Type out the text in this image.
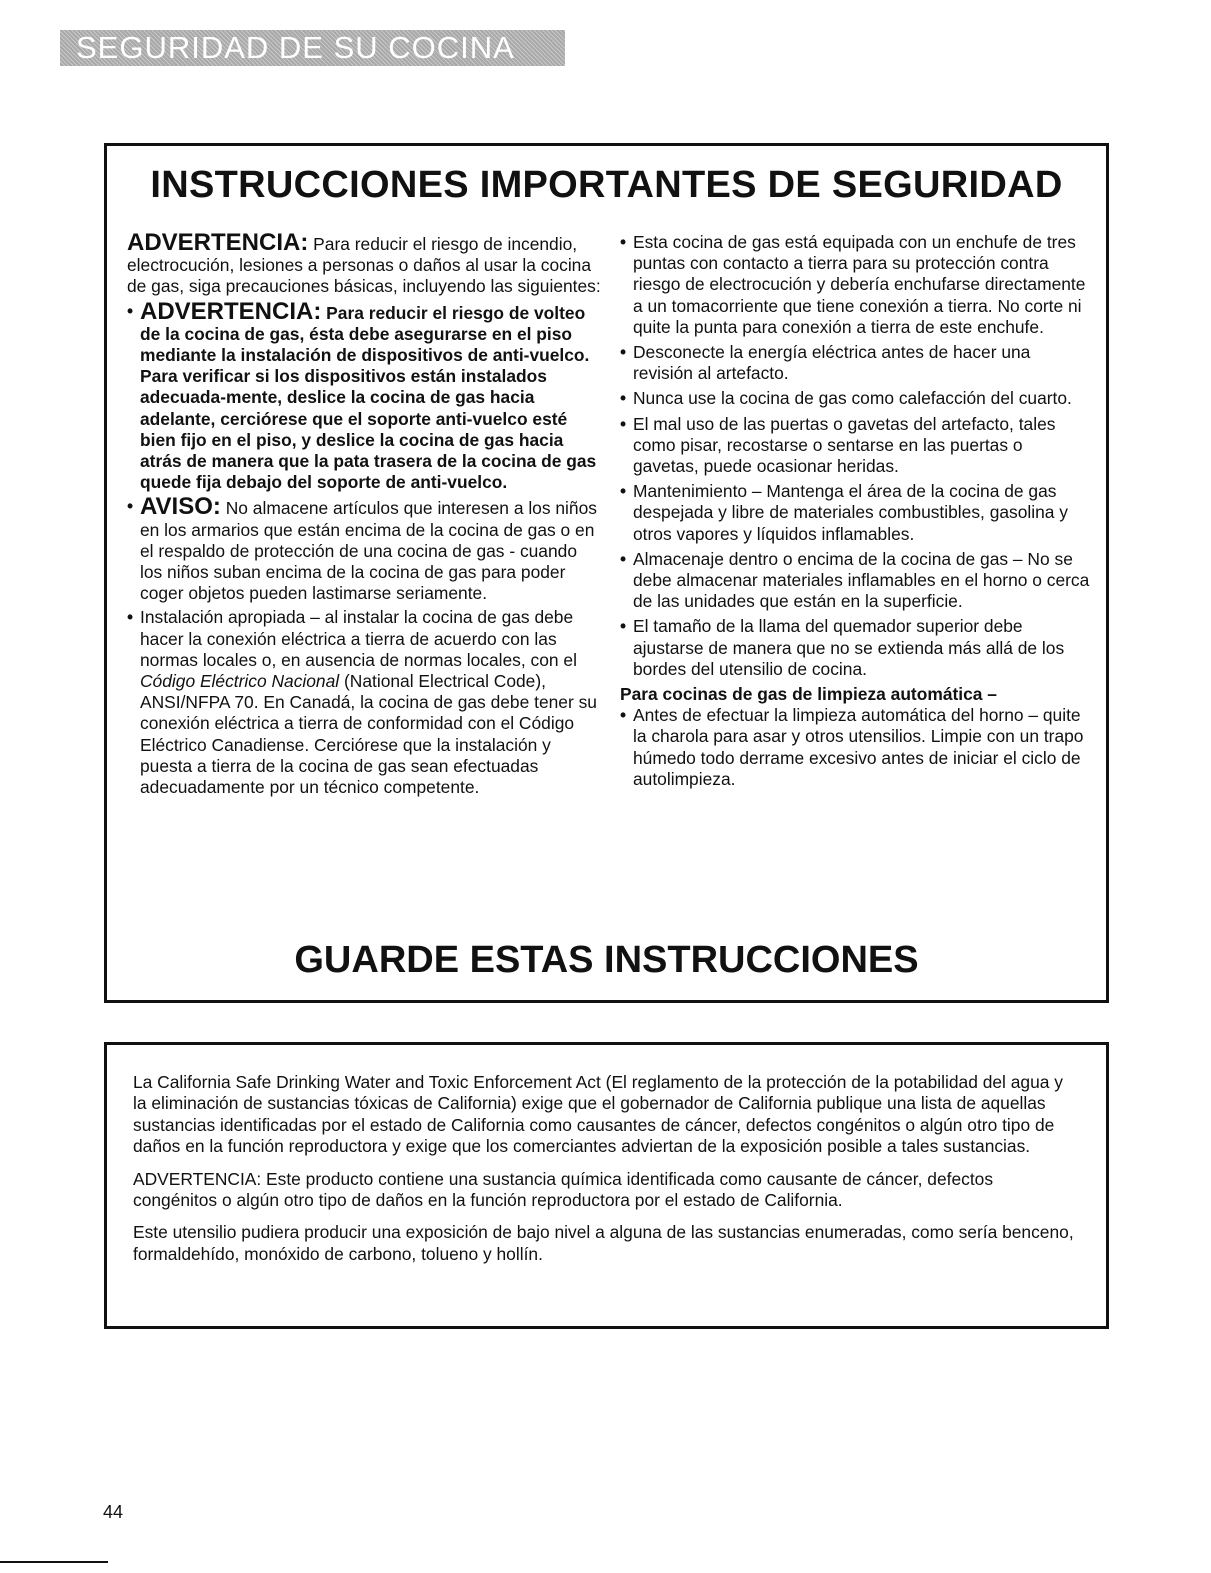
SEGURIDAD DE SU COCINA
INSTRUCCIONES IMPORTANTES DE SEGURIDAD

ADVERTENCIA: Para reducir el riesgo de incendio, electrocución, lesiones a personas o daños al usar la cocina de gas, siga precauciones básicas, incluyendo las siguientes:

• ADVERTENCIA: Para reducir el riesgo de volteo de la cocina de gas, ésta debe asegurarse en el piso mediante la instalación de dispositivos de anti-vuelco. Para verificar si los dispositivos están instalados adecuada-mente, deslice la cocina de gas hacia adelante, cerciórese que el soporte anti-vuelco esté bien fijo en el piso, y deslice la cocina de gas hacia atrás de manera que la pata trasera de la cocina de gas quede fija debajo del soporte de anti-vuelco.
• AVISO: No almacene artículos que interesen a los niños en los armarios que están encima de la cocina de gas o en el respaldo de protección de una cocina de gas - cuando los niños suban encima de la cocina de gas para poder coger objetos pueden lastimarse seriamente.
• Instalación apropiada – al instalar la cocina de gas debe hacer la conexión eléctrica a tierra de acuerdo con las normas locales o, en ausencia de normas locales, con el Código Eléctrico Nacional (National Electrical Code), ANSI/NFPA 70. En Canadá, la cocina de gas debe tener su conexión eléctrica a tierra de conformidad con el Código Eléctrico Canadiense. Cerciórese que la instalación y puesta a tierra de la cocina de gas sean efectuadas adecuadamente por un técnico competente.
• Esta cocina de gas está equipada con un enchufe de tres puntas con contacto a tierra para su protección contra riesgo de electrocución y debería enchufarse directamente a un tomacorriente que tiene conexión a tierra. No corte ni quite la punta para conexión a tierra de este enchufe.
• Desconecte la energía eléctrica antes de hacer una revisión al artefacto.
• Nunca use la cocina de gas como calefacción del cuarto.
• El mal uso de las puertas o gavetas del artefacto, tales como pisar, recostarse o sentarse en las puertas o gavetas, puede ocasionar heridas.
• Mantenimiento – Mantenga el área de la cocina de gas despejada y libre de materiales combustibles, gasolina y otros vapores y líquidos inflamables.
• Almacenaje dentro o encima de la cocina de gas – No se debe almacenar materiales inflamables en el horno o cerca de las unidades que están en la superficie.
• El tamaño de la llama del quemador superior debe ajustarse de manera que no se extienda más allá de los bordes del utensilio de cocina.

Para cocinas de gas de limpieza automática –

• Antes de efectuar la limpieza automática del horno – quite la charola para asar y otros utensilios. Limpie con un trapo húmedo todo derrame excesivo antes de iniciar el ciclo de autolimpieza.
GUARDE ESTAS INSTRUCCIONES

La California Safe Drinking Water and Toxic Enforcement Act (El reglamento de la protección de la potabilidad del agua y la eliminación de sustancias tóxicas de California) exige que el gobernador de California publique una lista de aquellas sustancias identificadas por el estado de California como causantes de cáncer, defectos congénitos o algún otro tipo de daños en la función reproductora y exige que los comerciantes adviertan de la exposición posible a tales sustancias.

ADVERTENCIA: Este producto contiene una sustancia química identificada como causante de cáncer, defectos congénitos o algún otro tipo de daños en la función reproductora por el estado de California.

Este utensilio pudiera producir una exposición de bajo nivel a alguna de las sustancias enumeradas, como sería benceno, formaldehído, monóxido de carbono, tolueno y hollín.

44
